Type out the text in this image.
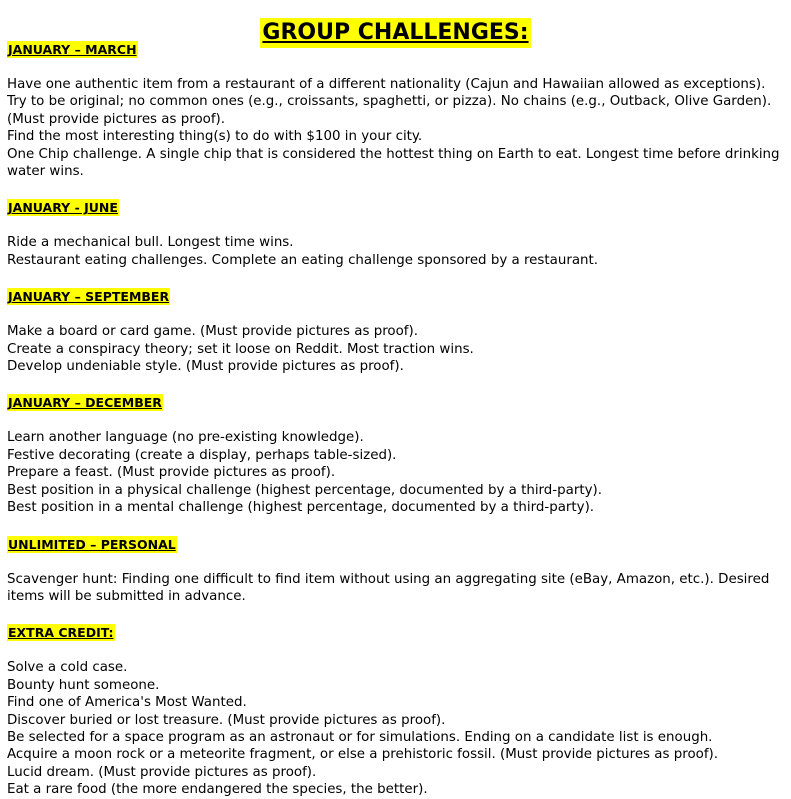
GROUP CHALLENGES:
JANUARY – MARCH
Have one authentic item from a restaurant of a different nationality (Cajun and Hawaiian allowed as exceptions). Try to be original; no common ones (e.g., croissants, spaghetti, or pizza). No chains (e.g., Outback, Olive Garden). (Must provide pictures as proof).
Find the most interesting thing(s) to do with $100 in your city.
One Chip challenge. A single chip that is considered the hottest thing on Earth to eat. Longest time before drinking water wins.
JANUARY - JUNE
Ride a mechanical bull. Longest time wins.
Restaurant eating challenges. Complete an eating challenge sponsored by a restaurant.
JANUARY – SEPTEMBER
Make a board or card game. (Must provide pictures as proof).
Create a conspiracy theory; set it loose on Reddit. Most traction wins.
Develop undeniable style. (Must provide pictures as proof).
JANUARY – DECEMBER
Learn another language (no pre-existing knowledge).
Festive decorating (create a display, perhaps table-sized).
Prepare a feast. (Must provide pictures as proof).
Best position in a physical challenge (highest percentage, documented by a third-party).
Best position in a mental challenge (highest percentage, documented by a third-party).
UNLIMITED – PERSONAL
Scavenger hunt: Finding one difficult to find item without using an aggregating site (eBay, Amazon, etc.). Desired items will be submitted in advance.
EXTRA CREDIT:
Solve a cold case.
Bounty hunt someone.
Find one of America's Most Wanted.
Discover buried or lost treasure. (Must provide pictures as proof).
Be selected for a space program as an astronaut or for simulations. Ending on a candidate list is enough.
Acquire a moon rock or a meteorite fragment, or else a prehistoric fossil. (Must provide pictures as proof).
Lucid dream. (Must provide pictures as proof).
Eat a rare food (the more endangered the species, the better).
